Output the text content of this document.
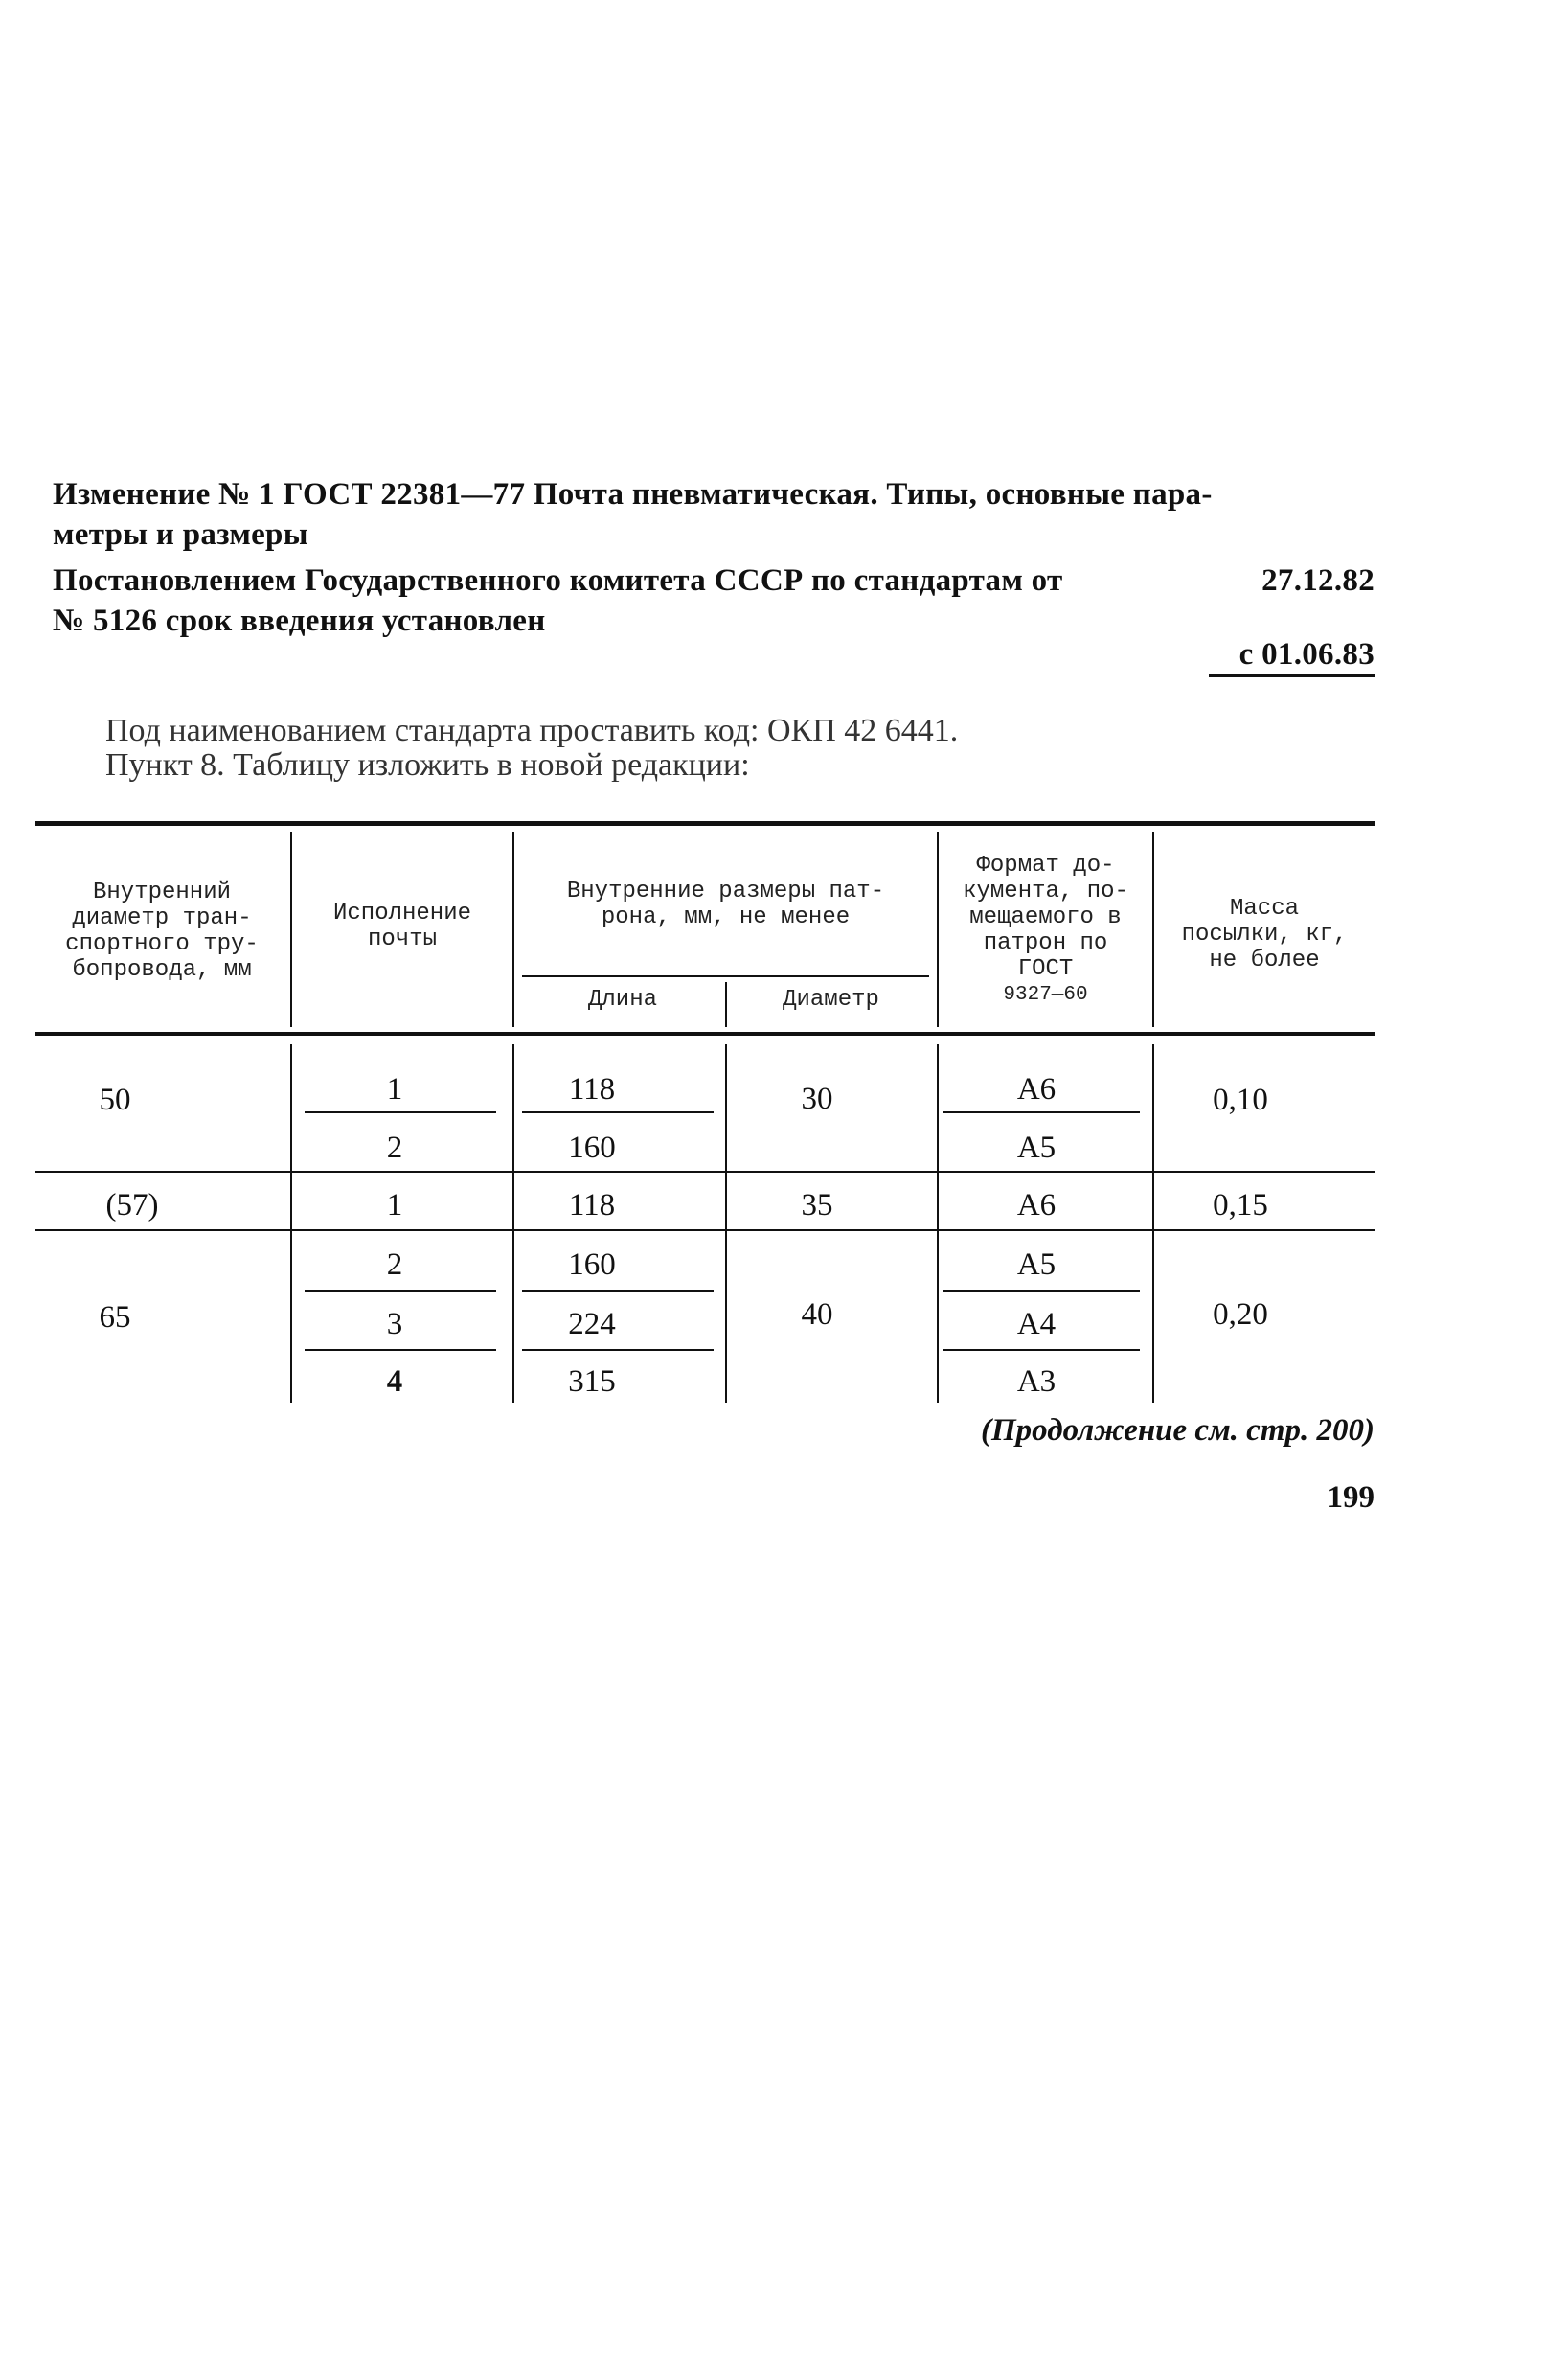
Изменение № 1 ГОСТ 22381—77 Почта пневматическая. Типы, основные пара-
метры и размеры
Постановлением Государственного комитета СССР по стандартам от	27.12.82
№ 5126 срок введения установлен
с 01.06.83
Под наименованием стандарта проставить код: ОКП 42 6441.
Пункт 8. Таблицу изложить в новой редакции:
Внутренний
диаметр тран-
спортного тру-
бопровода, мм
Исполнение
почты
Внутренние размеры пат-
рона, мм, не менее
Длина	Диаметр
Формат до-
кумента, по-
мещаемого в
патрон по
ГОСТ
9327—60
Масса
посылки, кг,
не более
50
(57)
65
1
2
1
2
3
4
118
160
118
160
224
315
30
35
40
А6
А5
А6
А5
А4
А3
0,10
0,15
0,20
(Продолжение см. стр. 200)
199
